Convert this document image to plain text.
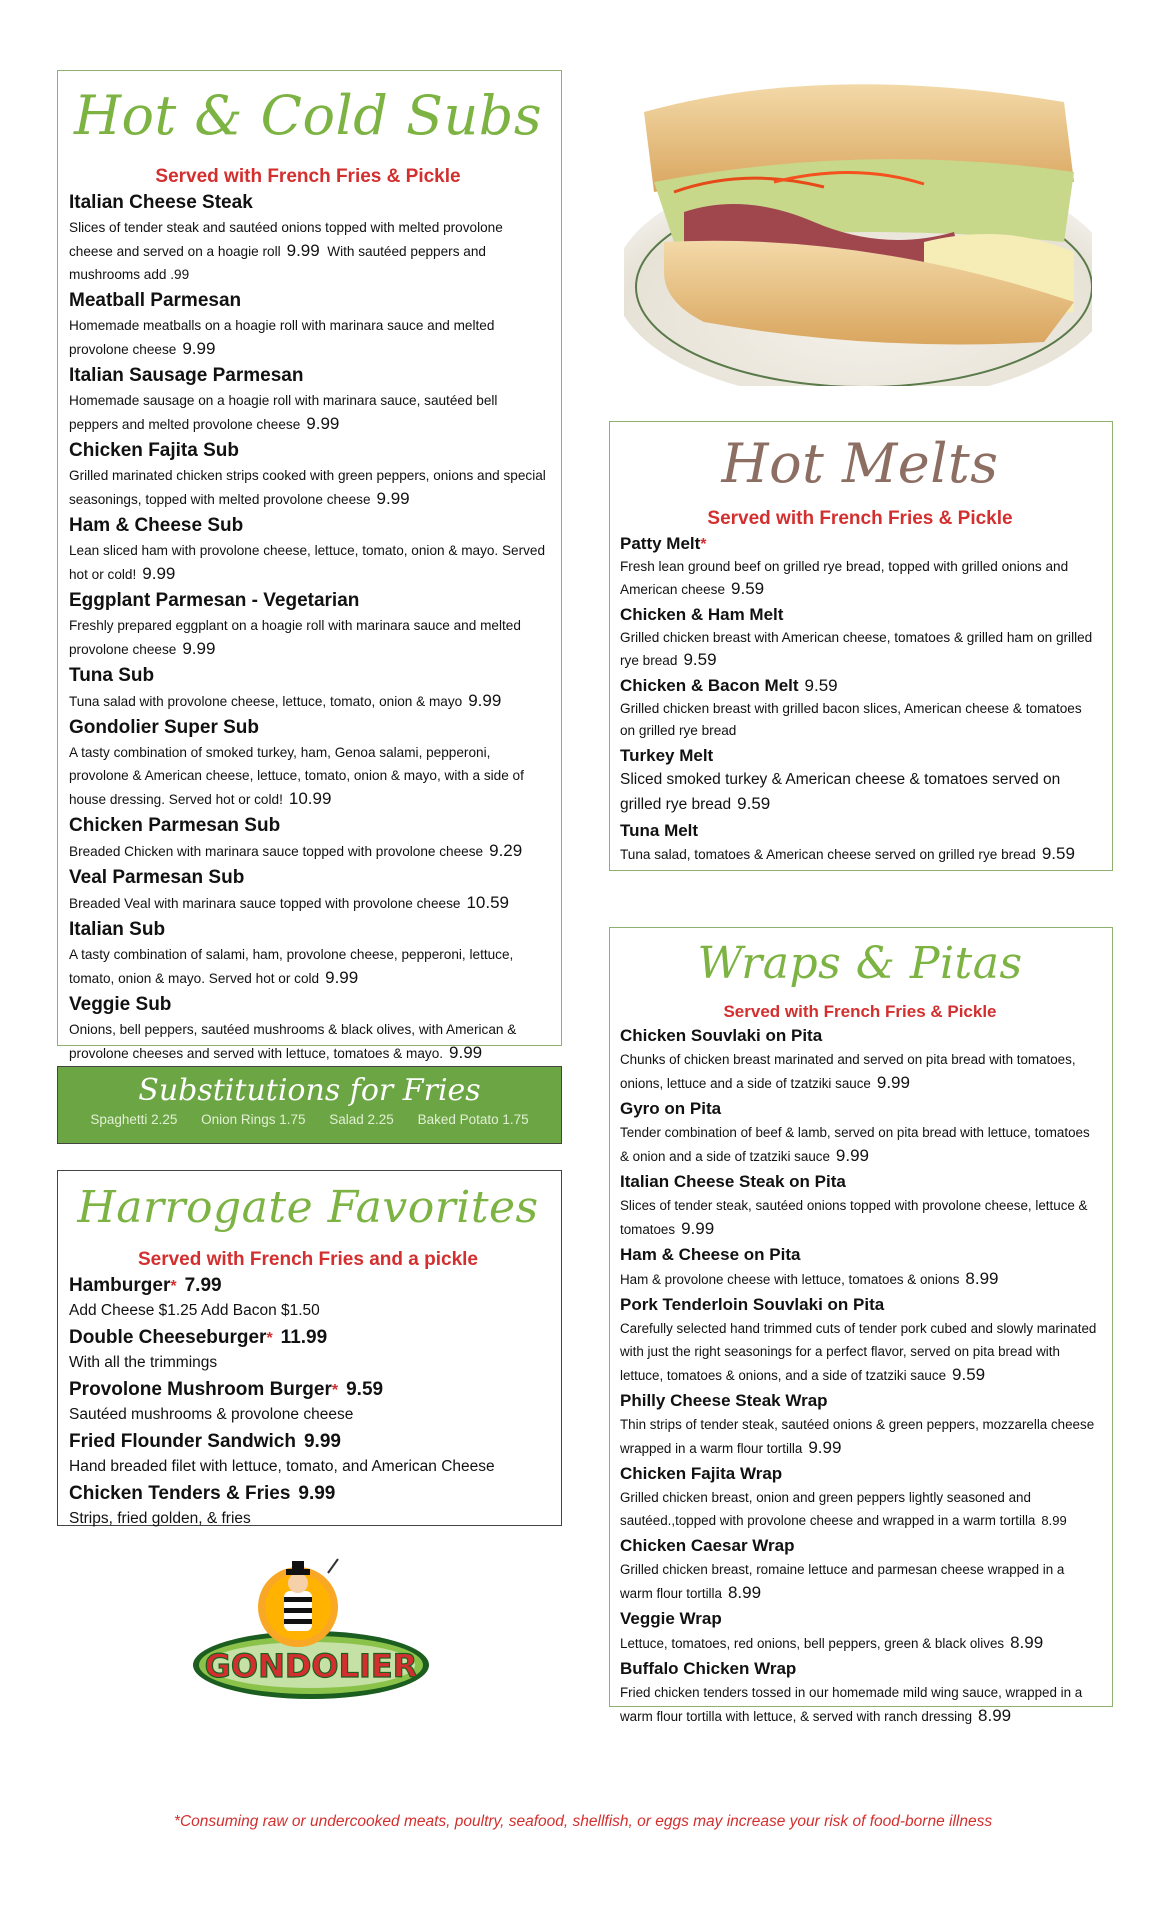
Hot & Cold Subs
Served with French Fries & Pickle
Italian Cheese Steak
Slices of tender steak and sautéed onions topped with melted provolone cheese and served on a hoagie roll 9.99 With sautéed peppers and mushrooms add .99
Meatball Parmesan
Homemade meatballs on a hoagie roll with marinara sauce and melted provolone cheese 9.99
Italian Sausage Parmesan
Homemade sausage on a hoagie roll with marinara sauce, sautéed bell peppers and melted provolone cheese 9.99
Chicken Fajita Sub
Grilled marinated chicken strips cooked with green peppers, onions and special seasonings, topped with melted provolone cheese 9.99
Ham & Cheese Sub
Lean sliced ham with provolone cheese, lettuce, tomato, onion & mayo. Served hot or cold! 9.99
Eggplant Parmesan - Vegetarian
Freshly prepared eggplant on a hoagie roll with marinara sauce and melted provolone cheese 9.99
Tuna Sub
Tuna salad with provolone cheese, lettuce, tomato, onion & mayo 9.99
Gondolier Super Sub
A tasty combination of smoked turkey, ham, Genoa salami, pepperoni, provolone & American cheese, lettuce, tomato, onion & mayo, with a side of house dressing. Served hot or cold! 10.99
Chicken Parmesan Sub
Breaded Chicken with marinara sauce topped with provolone cheese 9.29
Veal Parmesan Sub
Breaded Veal with marinara sauce topped with provolone cheese 10.59
Italian Sub
A tasty combination of salami, ham, provolone cheese, pepperoni, lettuce, tomato, onion & mayo. Served hot or cold 9.99
Veggie Sub
Onions, bell peppers, sautéed mushrooms & black olives, with American & provolone cheeses and served with lettuce, tomatoes & mayo. 9.99
Substitutions for Fries
Spaghetti 2.25 Onion Rings 1.75 Salad 2.25 Baked Potato 1.75
Harrogate Favorites
Served with French Fries and a pickle
Hamburger* 7.99
Add Cheese $1.25 Add Bacon $1.50
Double Cheeseburger* 11.99
With all the trimmings
Provolone Mushroom Burger* 9.59
Sautéed mushrooms & provolone cheese
Fried Flounder Sandwich 9.99
Hand breaded filet with lettuce, tomato, and American Cheese
Chicken Tenders & Fries 9.99
Strips, fried golden, & fries
GONDOLIER
Hot Melts
Served with French Fries & Pickle
Patty Melt*
Fresh lean ground beef on grilled rye bread, topped with grilled onions and American cheese 9.59
Chicken & Ham Melt
Grilled chicken breast with American cheese, tomatoes & grilled ham on grilled rye bread 9.59
Chicken & Bacon Melt 9.59
Grilled chicken breast with grilled bacon slices, American cheese & tomatoes on grilled rye bread
Turkey Melt
Sliced smoked turkey & American cheese & tomatoes served on grilled rye bread 9.59
Tuna Melt
Tuna salad, tomatoes & American cheese served on grilled rye bread 9.59
Wraps & Pitas
Served with French Fries & Pickle
Chicken Souvlaki on Pita
Chunks of chicken breast marinated and served on pita bread with tomatoes, onions, lettuce and a side of tzatziki sauce 9.99
Gyro on Pita
Tender combination of beef & lamb, served on pita bread with lettuce, tomatoes & onion and a side of tzatziki sauce 9.99
Italian Cheese Steak on Pita
Slices of tender steak, sautéed onions topped with provolone cheese, lettuce & tomatoes 9.99
Ham & Cheese on Pita
Ham & provolone cheese with lettuce, tomatoes & onions 8.99
Pork Tenderloin Souvlaki on Pita
Carefully selected hand trimmed cuts of tender pork cubed and slowly marinated with just the right seasonings for a perfect flavor, served on pita bread with lettuce, tomatoes & onions, and a side of tzatziki sauce 9.59
Philly Cheese Steak Wrap
Thin strips of tender steak, sautéed onions & green peppers, mozzarella cheese wrapped in a warm flour tortilla 9.99
Chicken Fajita Wrap
Grilled chicken breast, onion and green peppers lightly seasoned and sautéed.,topped with provolone cheese and wrapped in a warm tortilla 8.99
Chicken Caesar Wrap
Grilled chicken breast, romaine lettuce and parmesan cheese wrapped in a warm flour tortilla 8.99
Veggie Wrap
Lettuce, tomatoes, red onions, bell peppers, green & black olives 8.99
Buffalo Chicken Wrap
Fried chicken tenders tossed in our homemade mild wing sauce, wrapped in a warm flour tortilla with lettuce, & served with ranch dressing 8.99
*Consuming raw or undercooked meats, poultry, seafood, shellfish, or eggs may increase your risk of food-borne illness
